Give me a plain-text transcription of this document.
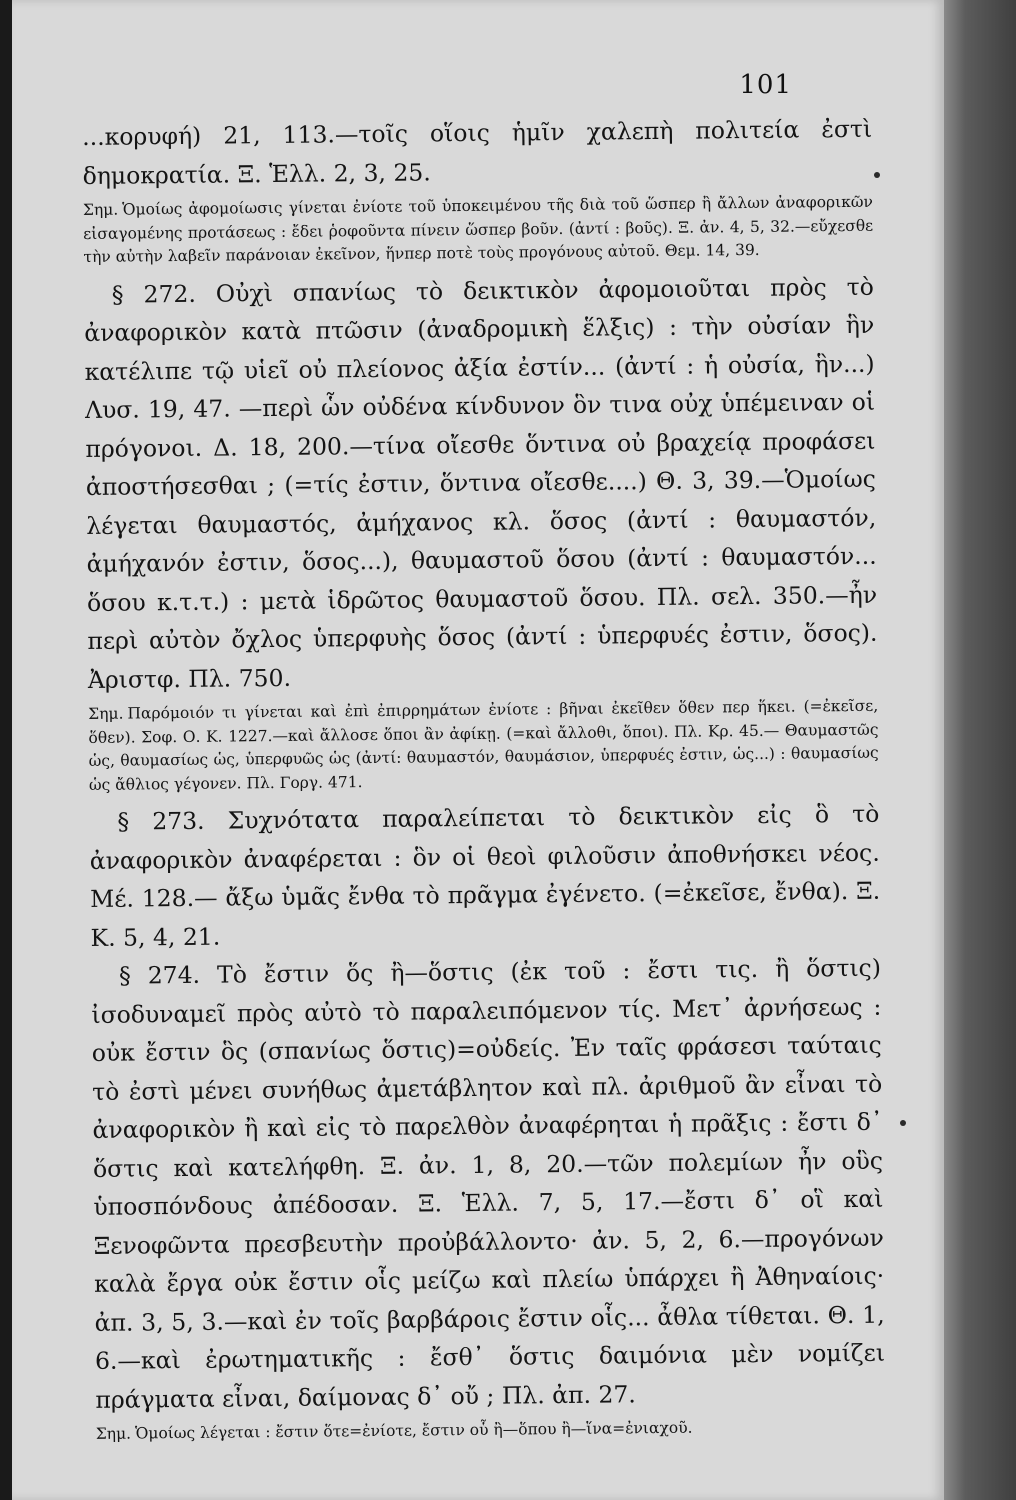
101

...κορυφή) 21, 113.—τοῖς οἵοις ἡμῖν χαλεπὴ πολιτεία ἐστὶ δημοκρατία. Ξ. Ἑλλ. 2, 3, 25.

Σημ. Ὁμοίως ἀφομοίωσις γίνεται ἐνίοτε τοῦ ὑποκειμένου τῆς διὰ τοῦ ὥσπερ ἢ ἄλλων ἀναφορικῶν εἰσαγομένης προτάσεως : ἔδει ῥοφοῦντα πίνειν ὥσπερ βοῦν. (ἀντί : βοῦς). Ξ. ἀν. 4, 5, 32.—εὔχεσθε τὴν αὐτὴν λαβεῖν παράνοιαν ἐκεῖνον, ἥνπερ ποτὲ τοὺς προγόνους αὐτοῦ. Θεμ. 14, 39.

§ 272. Οὐχὶ σπανίως τὸ δεικτικὸν ἀφομοιοῦται πρὸς τὸ ἀναφορικὸν κατὰ πτῶσιν (ἀναδρομικὴ ἕλξις) : τὴν οὐσίαν ἣν κατέλιπε τῷ υἱεῖ οὐ πλείονος ἀξία ἐστίν... (ἀντί : ἡ οὐσία, ἣν...) Λυσ. 19, 47. —περὶ ὧν οὐδένα κίνδυνον ὃν τινα οὐχ ὑπέμειναν οἱ πρόγονοι. Δ. 18, 200.—τίνα οἴεσθε ὅντινα οὐ βραχείᾳ προφάσει ἀποστήσεσθαι ; (=τίς ἐστιν, ὅντινα οἴεσθε....) Θ. 3, 39.—Ὁμοίως λέγεται θαυμαστός, ἀμήχανος κλ. ὅσος (ἀντί : θαυμαστόν, ἀμήχανόν ἐστιν, ὅσος...), θαυμαστοῦ ὅσου (ἀντί : θαυμαστόν... ὅσου κ.τ.τ.) : μετὰ ἱδρῶτος θαυμαστοῦ ὅσου. Πλ. σελ. 350.—ἦν περὶ αὐτὸν ὄχλος ὑπερφυὴς ὅσος (ἀντί : ὑπερφυές ἐστιν, ὅσος). Ἀριστφ. Πλ. 750.

Σημ. Παρόμοιόν τι γίνεται καὶ ἐπὶ ἐπιρρημάτων ἐνίοτε : βῆναι ἐκεῖθεν ὅθεν περ ἥκει. (=ἐκεῖσε, ὅθεν). Σοφ. Ο. Κ. 1227.—καὶ ἄλλοσε ὅποι ἂν ἀφίκῃ. (=καὶ ἄλλοθι, ὅποι). Πλ. Κρ. 45.— Θαυμαστῶς ὡς, θαυμασίως ὡς, ὑπερφυῶς ὡς (ἀντί: θαυμαστόν, θαυμάσιον, ὑπερφυές ἐστιν, ὡς...) : θαυμασίως ὡς ἄθλιος γέγονεν. Πλ. Γοργ. 471.

§ 273. Συχνότατα παραλείπεται τὸ δεικτικὸν εἰς ὃ τὸ ἀναφορικὸν ἀναφέρεται : ὃν οἱ θεοὶ φιλοῦσιν ἀποθνήσκει νέος. Μέ. 128.— ἄξω ὑμᾶς ἔνθα τὸ πρᾶγμα ἐγένετο. (=ἐκεῖσε, ἔνθα). Ξ. Κ. 5, 4, 21.

§ 274. Τὸ ἔστιν ὅς ἢ—ὅστις (ἐκ τοῦ : ἔστι τις. ἢ ὅστις) ἰσοδυναμεῖ πρὸς αὐτὸ τὸ παραλειπόμενον τίς. Μετ᾽ ἀρνήσεως : οὐκ ἔστιν ὃς (σπανίως ὅστις)=οὐδείς. Ἐν ταῖς φράσεσι ταύταις τὸ ἐστὶ μένει συνήθως ἀμετάβλητον καὶ πλ. ἀριθμοῦ ἂν εἶναι τὸ ἀναφορικὸν ἢ καὶ εἰς τὸ παρελθὸν ἀναφέρηται ἡ πρᾶξις : ἔστι δ᾽ ὅστις καὶ κατελήφθη. Ξ. ἀν. 1, 8, 20.—τῶν πολεμίων ἦν οὓς ὑποσπόνδους ἀπέδοσαν. Ξ. Ἑλλ. 7, 5, 17.—ἔστι δ᾽ οἳ καὶ Ξενοφῶντα πρεσβευτὴν προὐβάλλοντο· ἀν. 5, 2, 6.—προγόνων καλὰ ἔργα οὐκ ἔστιν οἷς μείζω καὶ πλείω ὑπάρχει ἢ Ἀθηναίοις· ἀπ. 3, 5, 3.—καὶ ἐν τοῖς βαρβάροις ἔστιν οἷς... ἆθλα τίθεται. Θ. 1, 6.—καὶ ἐρωτηματικῆς : ἔσθ᾽ ὅστις δαιμόνια μὲν νομίζει πράγματα εἶναι, δαίμονας δ᾽ οὔ ; Πλ. ἀπ. 27.

Σημ. Ὁμοίως λέγεται : ἔστιν ὅτε=ἐνίοτε, ἔστιν οὗ ἢ—ὅπου ἢ—ἵνα=ἐνιαχοῦ.
